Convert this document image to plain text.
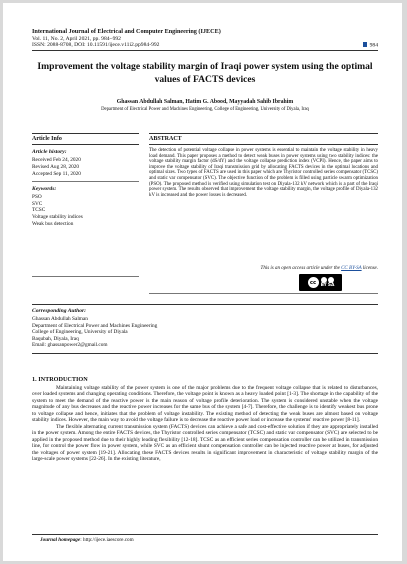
International Journal of Electrical and Computer Engineering (IJECE)
Vol. 11, No. 2, April 2021, pp. 984~992
ISSN: 2088-8708, DOI: 10.11591/ijece.v11i2.pp984-992	984
Improvement the voltage stability margin of Iraqi power system using the optimal values of FACTS devices
Ghassan Abdullah Salman, Hatim G. Abood, Mayyadah Sahib Ibrahim
Department of Electrical Power and Machines Engineering, College of Engineering, University of Diyala, Iraq
Article Info
Article history:
Received Feb 24, 2020
Revised Aug 28, 2020
Accepted Sep 11, 2020
Keywords:
PSO
SVC
TCSC
Voltage stability indices
Weak bus detection
ABSTRACT
The detection of potential voltage collapse in power systems is essential to maintain the voltage stability in heavy load demand. This paper proposes a method to detect weak buses in power systems using two stability indices: the voltage stability margin factor (dS/dY) and the voltage collapse prediction index (VCPI). Hence, the paper aims to improve the voltage stability of Iraqi transmission grid by allocating FACTS devices in the optimal locations and optimal sizes. Two types of FACTS are used in this paper which are Thyristor controlled series compensator (TCSC) and static var compensator (SVC). The objective function of the problem is filled using particle swarm optimization (PSO). The proposed method is verified using simulation test on Diyala-132 kV network which is a part of the Iraqi power system. The results observed that improvement the voltage stability margin, the voltage profile of Diyala-132 kV is increased and the power losses is decreased.
This is an open access article under the CC BY-SA license.
cc BY SA
Corresponding Author:
Ghassan Abdullah Salman
Department of Electrical Power and Machines Engineering
College of Engineering, University of Diyala
Baqubah, Diyala, Iraq
Email: ghassanpower2@gmail.com
1. INTRODUCTION

Maintaining voltage stability of the power system is one of the major problems due to the frequent voltage collapse that is related to disturbances, over loaded systems and changing operating conditions. Therefore, the voltage point is known as a heavy loaded point [1-3]. The shortage in the capability of the system to meet the demand of the reactive power is the main reason of voltage profile deterioration. The system is considered unstable when the voltage magnitude of any bus decreases and the reactive power increases for the same bus of the system [4-7]. Therefore, the challenge is to identify weakest bus prone to voltage collapse and hence, initiates that the problem of voltage instability. The existing method of detecting the weak buses are almost based on voltage stability indices. However, the main way to avoid the voltage failure is to decrease the reactive power load or increase the systems' reactive power [8-11].

The flexible alternating current transmission system (FACTS) devices can achieve a safe and cost-effective solution if they are appropriately installed in the power system. Among the entire FACTS devices, the Thyristor controlled series compensator (TCSC) and static var compensator (SVC) are selected to be applied in the proposed method due to their highly leading flexibility [12-18]. TCSC as an efficient series compensation controller can be utilized in transmission line, for control the power flow in power system, while SVC as an efficient shunt compensation controller can be injected reactive power at buses, for adjusted the voltages of power system [19-21]. Allocating these FACTS devices results in significant improvement in characteristic of voltage stability margin of the large-scale power systems [22-26]. In the existing literature,

Journal homepage: http://ijece.iaescore.com
